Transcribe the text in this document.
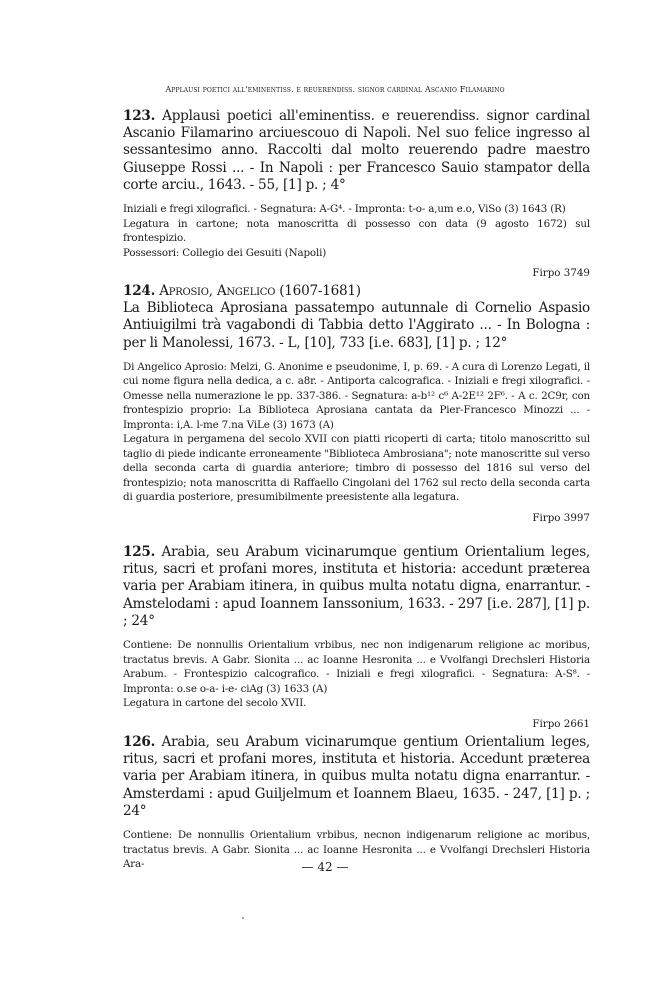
Applausi poetici all'eminentiss. e reuerendiss. signor cardinal Ascanio Filamarino

123. Applausi poetici all'eminentiss. e reuerendiss. signor cardinal Ascanio Filamarino arciuescouo di Napoli. Nel suo felice ingresso al sessantesimo anno. Raccolti dal molto reuerendo padre maestro Giuseppe Rossi ... - In Napoli : per Francesco Sauio stampator della corte arciu., 1643. - 55, [1] p. ; 4°

Iniziali e fregi xilografici. - Segnatura: A-G⁴. - Impronta: t-o- a,um e.o, ViSo (3) 1643 (R)

Legatura in cartone; nota manoscritta di possesso con data (9 agosto 1672) sul frontespizio.

Possessori: Collegio dei Gesuiti (Napoli)

Firpo 3749

124. Aprosio, Angelico (1607-1681)

La Biblioteca Aprosiana passatempo autunnale di Cornelio Aspasio Antiuigilmi trà vagabondi di Tabbia detto l'Aggirato ... - In Bologna : per li Manolessi, 1673. - L, [10], 733 [i.e. 683], [1] p. ; 12°

Di Angelico Aprosio: Melzi, G. Anonime e pseudonime, I, p. 69. - A cura di Lorenzo Legati, il cui nome figura nella dedica, a c. a8r. - Antiporta calcografica. - Iniziali e fregi xilografici. - Omesse nella numerazione le pp. 337-386. - Segnatura: a-b¹² c⁶ A-2E¹² 2F⁶. - A c. 2C9r, con frontespizio proprio: La Biblioteca Aprosiana cantata da Pier-Francesco Minozzi ... - Impronta: i,A. l-me 7.na ViLe (3) 1673 (A)

Legatura in pergamena del secolo XVII con piatti ricoperti di carta; titolo manoscritto sul taglio di piede indicante erroneamente "Biblioteca Ambrosiana"; note manoscritte sul verso della seconda carta di guardia anteriore; timbro di possesso del 1816 sul verso del frontespizio; nota manoscritta di Raffaello Cingolani del 1762 sul recto della seconda carta di guardia posteriore, presumibilmente preesistente alla legatura.

Firpo 3997

125. Arabia, seu Arabum vicinarumque gentium Orientalium leges, ritus, sacri et profani mores, instituta et historia: accedunt præterea varia per Arabiam itinera, in quibus multa notatu digna, enarrantur. - Amstelodami : apud Ioannem Ianssonium, 1633. - 297 [i.e. 287], [1] p. ; 24°

Contiene: De nonnullis Orientalium vrbibus, nec non indigenarum religione ac moribus, tractatus brevis. A Gabr. Sionita ... ac Ioanne Hesronita ... e Vvolfangi Drechsleri Historia Arabum. - Frontespizio calcografico. - Iniziali e fregi xilografici. - Segnatura: A-S⁸. - Impronta: o.se o-a- i-e- ciAg (3) 1633 (A)

Legatura in cartone del secolo XVII.

Firpo 2661

126. Arabia, seu Arabum vicinarumque gentium Orientalium leges, ritus, sacri et profani mores, instituta et historia. Accedunt præterea varia per Arabiam itinera, in quibus multa notatu digna enarrantur. - Amsterdami : apud Guiljelmum et Ioannem Blaeu, 1635. - 247, [1] p. ; 24°

Contiene: De nonnullis Orientalium vrbibus, necnon indigenarum religione ac moribus, tractatus brevis. A Gabr. Sionita ... ac Ioanne Hesronita ... e Vvolfangi Drechsleri Historia Ara-	— 42 —
